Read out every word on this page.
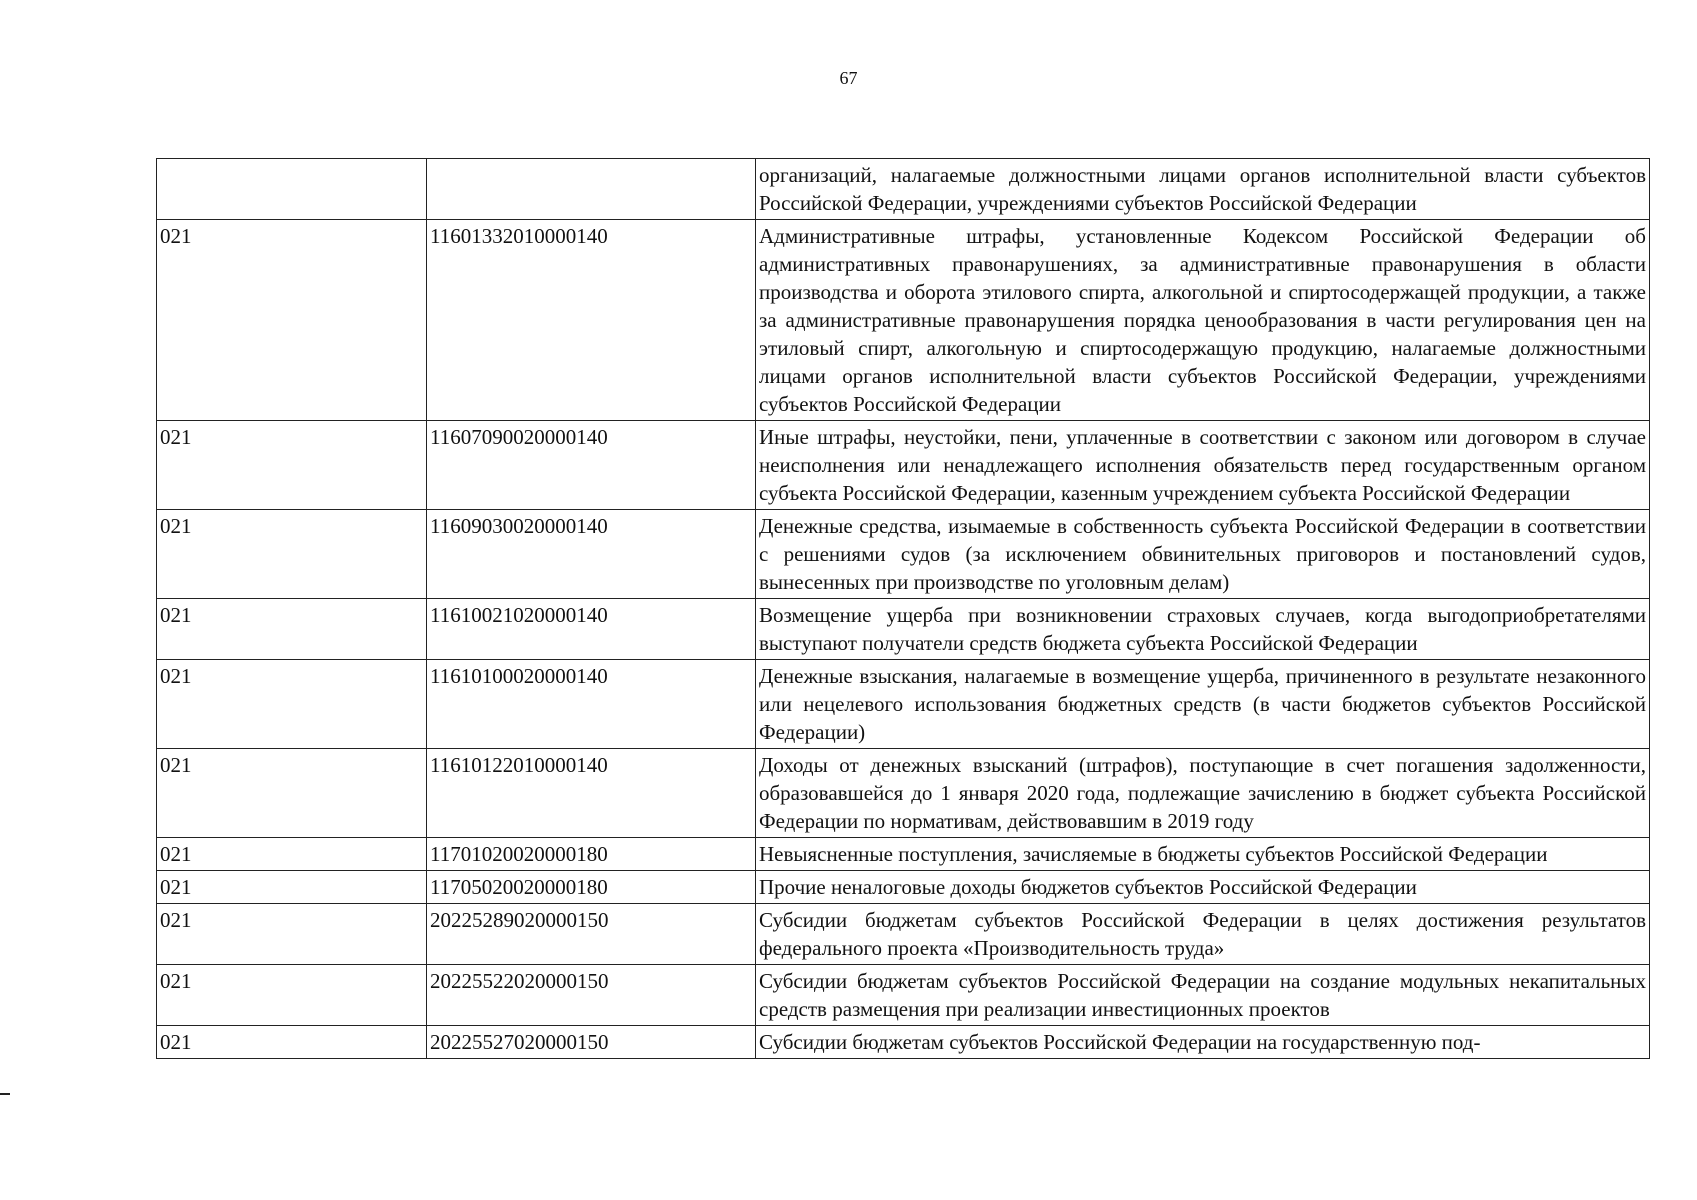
67
		организаций, налагаемые должностными лицами органов исполнительной власти субъектов Российской Федерации, учреждениями субъектов Российской Федерации
021	11601332010000140	Административные штрафы, установленные Кодексом Российской Федерации об административных правонарушениях, за административные правонарушения в области производства и оборота этилового спирта, алкогольной и спиртосодержащей продукции, а также за административные правонарушения порядка ценообразования в части регулирования цен на этиловый спирт, алкогольную и спиртосодержащую продукцию, налагаемые должностными лицами органов исполнительной власти субъектов Российской Федерации, учреждениями субъектов Российской Федерации
021	11607090020000140	Иные штрафы, неустойки, пени, уплаченные в соответствии с законом или договором в случае неисполнения или ненадлежащего исполнения обязательств перед государственным органом субъекта Российской Федерации, казенным учреждением субъекта Российской Федерации
021	11609030020000140	Денежные средства, изымаемые в собственность субъекта Российской Федерации в соответствии с решениями судов (за исключением обвинительных приговоров и постановлений судов, вынесенных при производстве по уголовным делам)
021	11610021020000140	Возмещение ущерба при возникновении страховых случаев, когда выгодоприобретателями выступают получатели средств бюджета субъекта Российской Федерации
021	11610100020000140	Денежные взыскания, налагаемые в возмещение ущерба, причиненного в результате незаконного или нецелевого использования бюджетных средств (в части бюджетов субъектов Российской Федерации)
021	11610122010000140	Доходы от денежных взысканий (штрафов), поступающие в счет погашения задолженности, образовавшейся до 1 января 2020 года, подлежащие зачислению в бюджет субъекта Российской Федерации по нормативам, действовавшим в 2019 году
021	11701020020000180	Невыясненные поступления, зачисляемые в бюджеты субъектов Российской Федерации
021	11705020020000180	Прочие неналоговые доходы бюджетов субъектов Российской Федерации
021	20225289020000150	Субсидии бюджетам субъектов Российской Федерации в целях достижения результатов федерального проекта «Производительность труда»
021	20225522020000150	Субсидии бюджетам субъектов Российской Федерации на создание модульных некапитальных средств размещения при реализации инвестиционных проектов
021	20225527020000150	Субсидии бюджетам субъектов Российской Федерации на государственную под-
